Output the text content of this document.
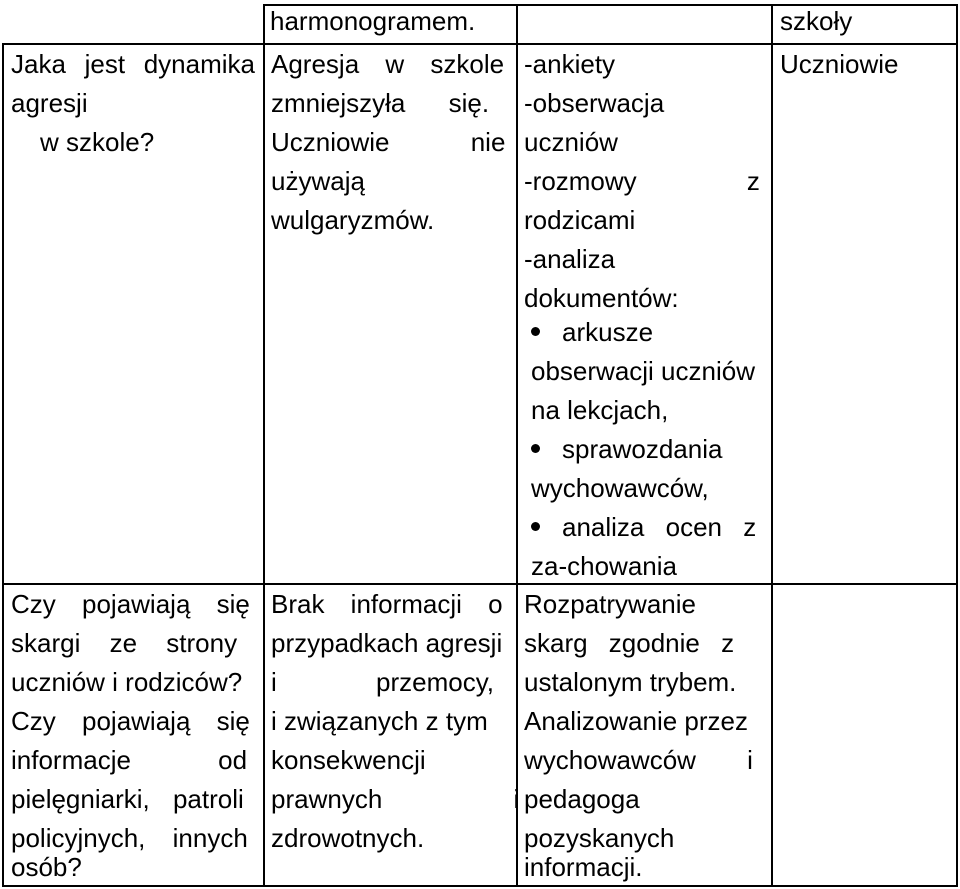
harmonogramem.	szkoły
Jaka jest dynamika
agresji
w szkole?
Agresja w szkole
zmniejszyła się.
Uczniowie nie
używają
wulgaryzmów.
-ankiety
-obserwacja
uczniów
-rozmowy z
rodzicami
-analiza
dokumentów:
arkusze
obserwacji uczniów
na lekcjach,
sprawozdania
wychowawców,
analiza ocen z
za-chowania
Uczniowie
Czy pojawiają się
skargi ze strony
uczniów i rodziców?
Czy pojawiają się
informacje od
pielęgniarki, patroli
policyjnych, innych
osób?
Brak informacji o
przypadkach agresji
i przemocy,
i związanych z tym
konsekwencji
prawnych i
zdrowotnych.
Rozpatrywanie
skarg zgodnie z
ustalonym trybem.
Analizowanie przez
wychowawców i
pedagoga
pozyskanych
informacji.
